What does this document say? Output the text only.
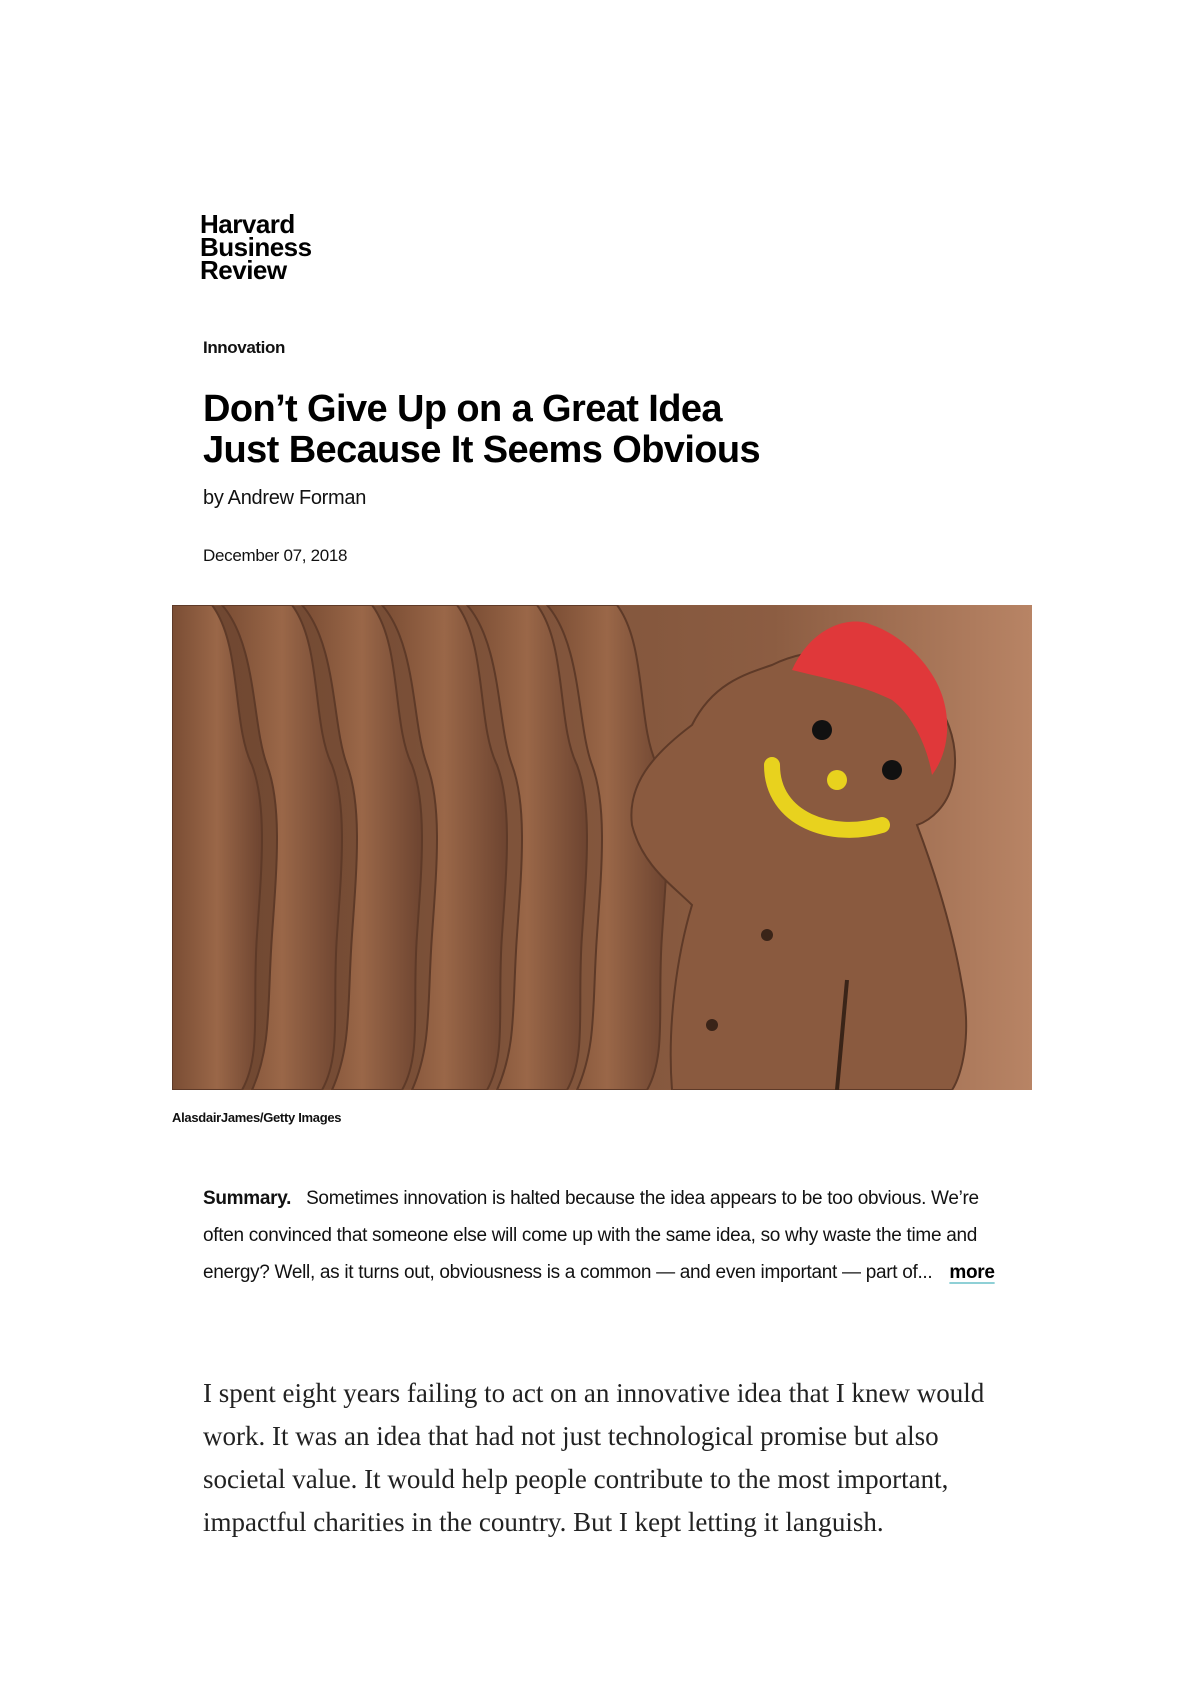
Harvard
Business
Review
Innovation
Don’t Give Up on a Great Idea
Just Because It Seems Obvious
by Andrew Forman
December 07, 2018
AlasdairJames/Getty Images
Summary. Sometimes innovation is halted because the idea appears to be too obvious. We’re often convinced that someone else will come up with the same idea, so why waste the time and energy? Well, as it turns out, obviousness is a common — and even important — part of... more

I spent eight years failing to act on an innovative idea that I knew would work. It was an idea that had not just technological promise but also societal value. It would help people contribute to the most important, impactful charities in the country. But I kept letting it languish.
